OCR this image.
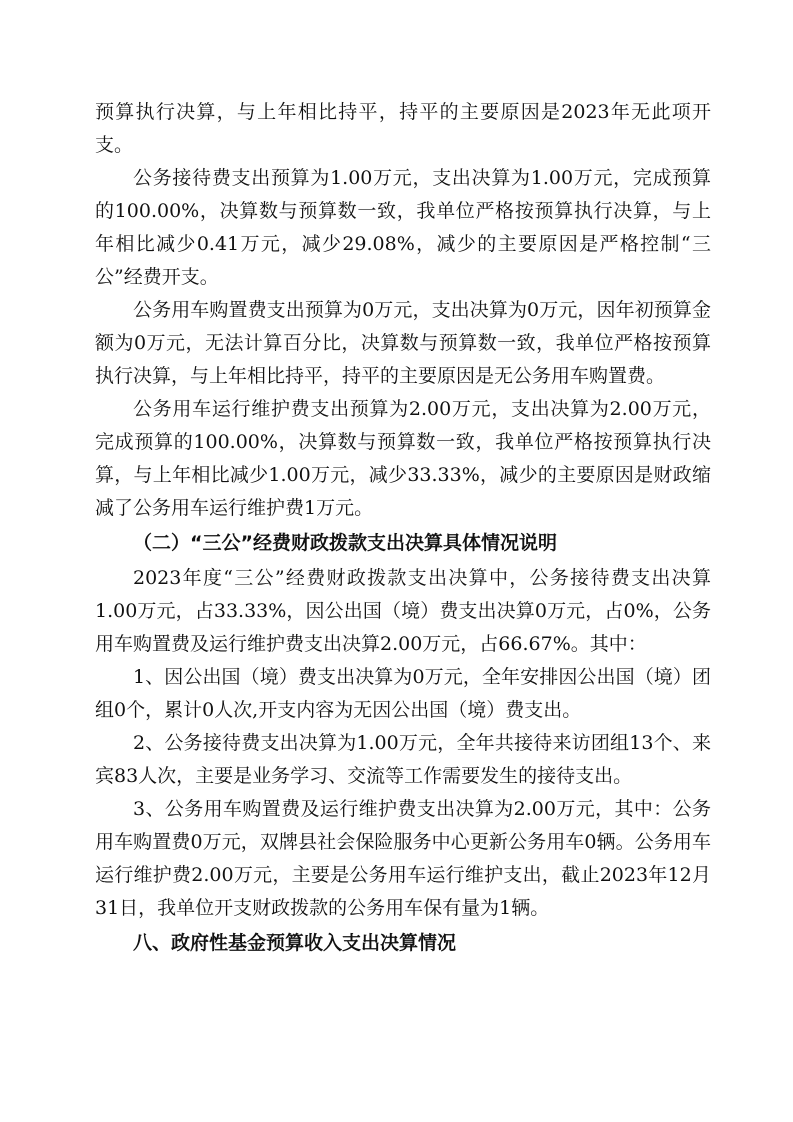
预算执行决算，与上年相比持平，持平的主要原因是2023年无此项开支。

公务接待费支出预算为1.00万元，支出决算为1.00万元，完成预算的100.00%，决算数与预算数一致，我单位严格按预算执行决算，与上年相比减少0.41万元，减少29.08%，减少的主要原因是严格控制“三公”经费开支。

公务用车购置费支出预算为0万元，支出决算为0万元，因年初预算金额为0万元，无法计算百分比，决算数与预算数一致，我单位严格按预算执行决算，与上年相比持平，持平的主要原因是无公务用车购置费。

公务用车运行维护费支出预算为2.00万元，支出决算为2.00万元，完成预算的100.00%，决算数与预算数一致，我单位严格按预算执行决算，与上年相比减少1.00万元，减少33.33%，减少的主要原因是财政缩减了公务用车运行维护费1万元。

（二）“三公”经费财政拨款支出决算具体情况说明

2023年度“三公”经费财政拨款支出决算中，公务接待费支出决算1.00万元，占33.33%，因公出国（境）费支出决算0万元，占0%，公务用车购置费及运行维护费支出决算2.00万元，占66.67%。其中：

1、因公出国（境）费支出决算为0万元，全年安排因公出国（境）团组0个，累计0人次,开支内容为无因公出国（境）费支出。

2、公务接待费支出决算为1.00万元，全年共接待来访团组13个、来宾83人次，主要是业务学习、交流等工作需要发生的接待支出。

3、公务用车购置费及运行维护费支出决算为2.00万元，其中：公务用车购置费0万元，双牌县社会保险服务中心更新公务用车0辆。公务用车运行维护费2.00万元，主要是公务用车运行维护支出，截止2023年12月31日，我单位开支财政拨款的公务用车保有量为1辆。

八、政府性基金预算收入支出决算情况
